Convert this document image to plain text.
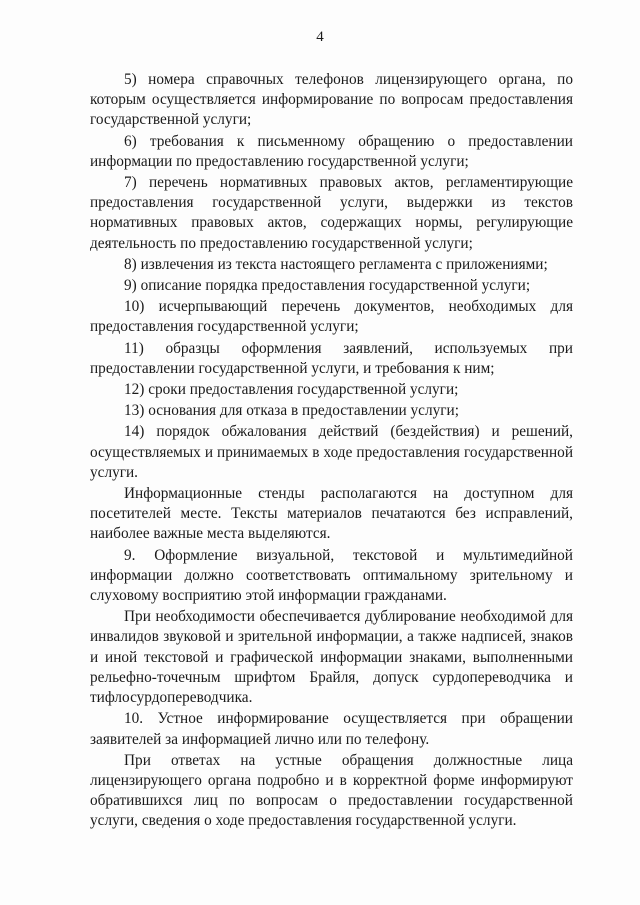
4

5) номера справочных телефонов лицензирующего органа, по которым осуществляется информирование по вопросам предоставления государственной услуги;

6) требования к письменному обращению о предоставлении информации по предоставлению государственной услуги;

7) перечень нормативных правовых актов, регламентирующие предоставления государственной услуги, выдержки из текстов нормативных правовых актов, содержащих нормы, регулирующие деятельность по предоставлению государственной услуги;

8) извлечения из текста настоящего регламента с приложениями;

9) описание порядка предоставления государственной услуги;

10) исчерпывающий перечень документов, необходимых для предоставления государственной услуги;

11) образцы оформления заявлений, используемых при предоставлении государственной услуги, и требования к ним;

12) сроки предоставления государственной услуги;

13) основания для отказа в предоставлении услуги;

14) порядок обжалования действий (бездействия) и решений, осуществляемых и принимаемых в ходе предоставления государственной услуги.

Информационные стенды располагаются на доступном для посетителей месте. Тексты материалов печатаются без исправлений, наиболее важные места выделяются.

9. Оформление визуальной, текстовой и мультимедийной информации должно соответствовать оптимальному зрительному и слуховому восприятию этой информации гражданами.

При необходимости обеспечивается дублирование необходимой для инвалидов звуковой и зрительной информации, а также надписей, знаков и иной текстовой и графической информации знаками, выполненными рельефно-точечным шрифтом Брайля, допуск сурдопереводчика и тифлосурдопереводчика.

10. Устное информирование осуществляется при обращении заявителей за информацией лично или по телефону.

При ответах на устные обращения должностные лица лицензирующего органа подробно и в корректной форме информируют обратившихся лиц по вопросам о предоставлении государственной услуги, сведения о ходе предоставления государственной услуги.
